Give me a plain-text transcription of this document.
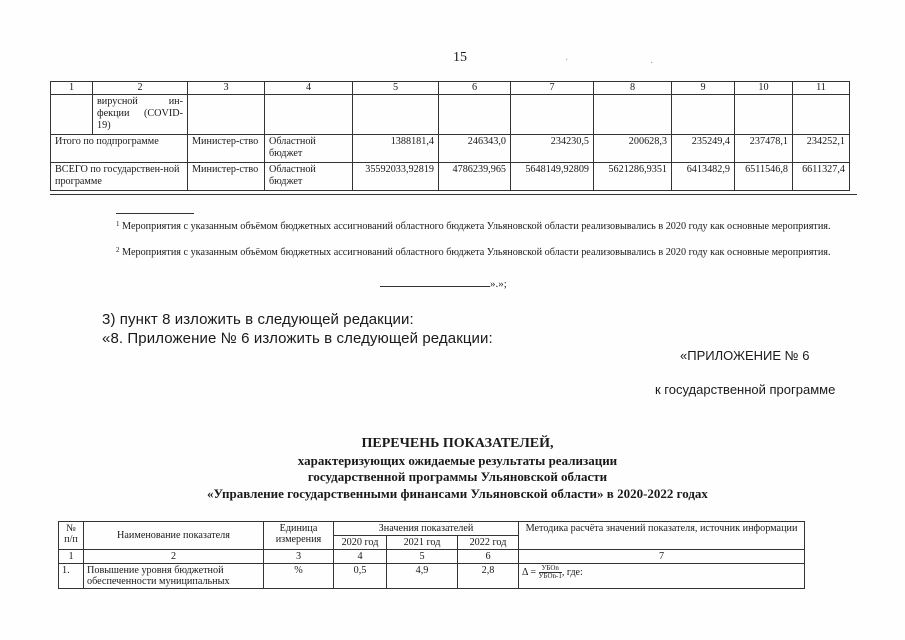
15	·	·
1	2	3	4	5	6	7	8	9	10	11
	вирусной ин-фекции (COVID-19)									
Итого по подпрограмме		Министер-ство	Областной бюджет	1388181,4	246343,0	234230,5	200628,3	235249,4	237478,1	234252,1
ВСЕГО по государствен-ной программе		Министер-ство	Областной бюджет	35592033,92819	4786239,965	5648149,92809	5621286,9351	6413482,9	6511546,8	6611327,4
$^1$ Мероприятия с указанным объёмом бюджетных ассигнований областного бюджета Ульяновской области реализовывались в 2020 году как основные мероприятия.
$^2$ Мероприятия с указанным объёмом бюджетных ассигнований областного бюджета Ульяновской области реализовывались в 2020 году как основные мероприятия.
».»;
3) пункт 8 изложить в следующей редакции:
«8. Приложение № 6 изложить в следующей редакции:
«ПРИЛОЖЕНИЕ № 6
к государственной программе
ПЕРЕЧЕНЬ ПОКАЗАТЕЛЕЙ,
характеризующих ожидаемые результаты реализации
государственной программы Ульяновской области
«Управление государственными финансами Ульяновской области» в 2020-2022 годах
№ п/п	Наименование показателя	Единица измерения	Значения показателей			Методика расчёта значений показателя, источник информации
			2020 год	2021 год	2022 год	
1	2	3	4	5	6	7
1.	Повышение уровня бюджетной обеспеченности муниципальных	%	0,5	4,9	2,8	$\Delta = \frac{\text{УБОn}}{\text{УБОn-1}}$ , где:
